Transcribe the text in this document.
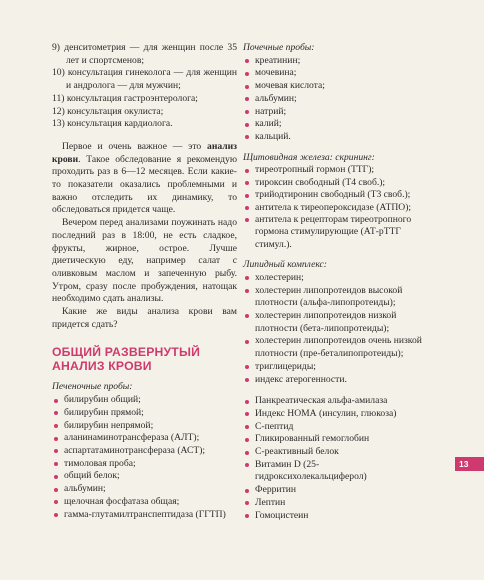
9) денситометрия — для женщин после 35 лет и спортсменов;
10) консультация гинеколога — для женщин и андролога — для мужчин;
11) консультация гастроэнтеролога;
12) консультация окулиста;
13) консультация кардиолога.

Первое и очень важное — это анализ крови. Такое обследование я рекомендую проходить раз в 6—12 месяцев. Если какие-то показатели оказались проблемными и важно отследить их динамику, то обследоваться придется чаще.

Вечером перед анализами поужинать надо последний раз в 18:00, не есть сладкое, фрукты, жирное, острое. Лучше диетическую еду, например салат с оливковым маслом и запеченную рыбу. Утром, сразу после пробуждения, натощак необходимо сдать анализы.

Какие же виды анализа крови вам придется сдать?

ОБЩИЙ РАЗВЕРНУТЫЙ АНАЛИЗ КРОВИ
Печеночные пробы:
билирубин общий;
билирубин прямой;
билирубин непрямой;
аланинаминотрансфераза (АЛТ);
аспартатаминотрансфераза (АСТ);
тимоловая проба;
общий белок;
альбумин;
щелочная фосфатаза общая;
гамма-глутамилтранспептидаза (ГГТП)
Почечные пробы:
креатинин;
мочевина;
мочевая кислота;
альбумин;
натрий;
калий;
кальций.
Щитовидная железа: скрининг:
тиреотропный гормон (ТТГ);
тироксин свободный (Т4 своб.);
трийодтиронин свободный (Т3 своб.);
антитела к тиреопероксидазе (АТПО);
антитела к рецепторам тиреотропного гормона стимулирующие (АТ-рТТГ стимул.).
Липидный комплекс:
холестерин;
холестерин липопротеидов высокой плотности (альфа-липопротеиды);
холестерин липопротеидов низкой плотности (бета-липопротеиды);
холестерин липопротеидов очень низкой плотности (пре-беталипопротеиды);
триглицериды;
индекс атерогенности.
Панкреатическая альфа-амилаза
Индекс НОМА (инсулин, глюкоза)
С-пептид
Гликированный гемоглобин
С-реактивный белок
Витамин D (25-гидроксихолекальциферол)
Ферритин
Лептин
Гомоцистеин
13
